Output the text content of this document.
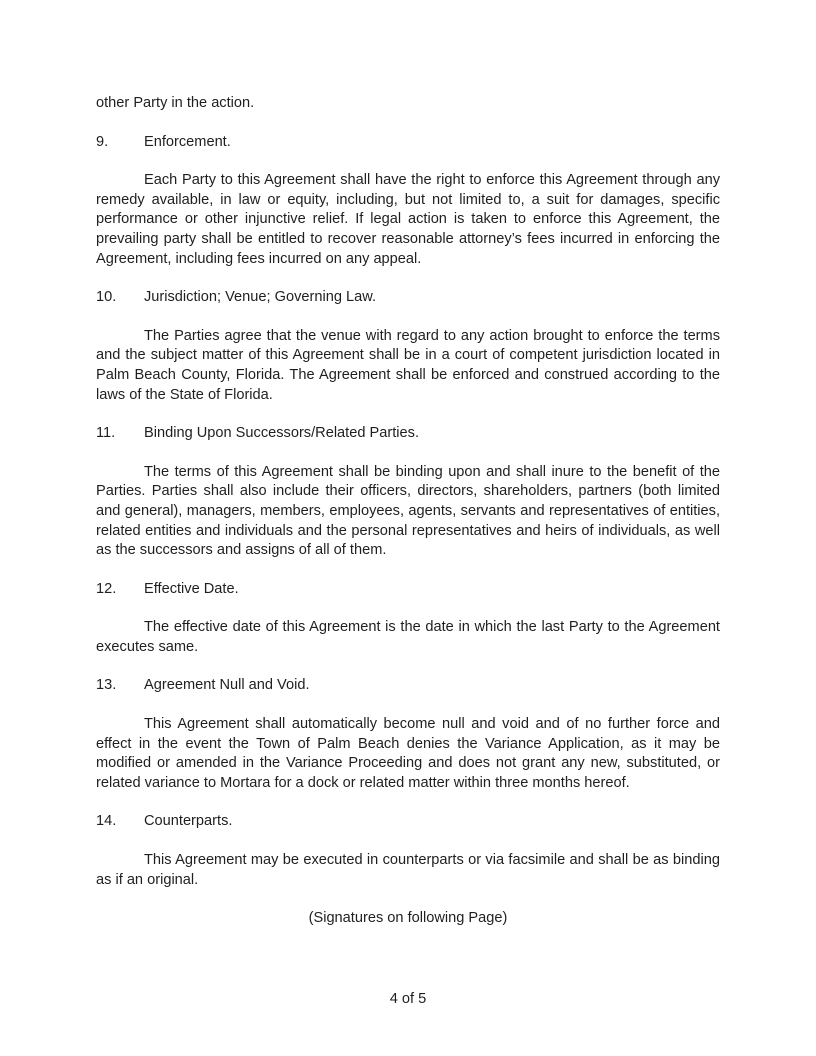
other Party in the action.

9. Enforcement.

Each Party to this Agreement shall have the right to enforce this Agreement through any remedy available, in law or equity, including, but not limited to, a suit for damages, specific performance or other injunctive relief. If legal action is taken to enforce this Agreement, the prevailing party shall be entitled to recover reasonable attorney’s fees incurred in enforcing the Agreement, including fees incurred on any appeal.

10. Jurisdiction; Venue; Governing Law.

The Parties agree that the venue with regard to any action brought to enforce the terms and the subject matter of this Agreement shall be in a court of competent jurisdiction located in Palm Beach County, Florida. The Agreement shall be enforced and construed according to the laws of the State of Florida.

11. Binding Upon Successors/Related Parties.

The terms of this Agreement shall be binding upon and shall inure to the benefit of the Parties. Parties shall also include their officers, directors, shareholders, partners (both limited and general), managers, members, employees, agents, servants and representatives of entities, related entities and individuals and the personal representatives and heirs of individuals, as well as the successors and assigns of all of them.

12. Effective Date.

The effective date of this Agreement is the date in which the last Party to the Agreement executes same.

13. Agreement Null and Void.

This Agreement shall automatically become null and void and of no further force and effect in the event the Town of Palm Beach denies the Variance Application, as it may be modified or amended in the Variance Proceeding and does not grant any new, substituted, or related variance to Mortara for a dock or related matter within three months hereof.

14. Counterparts.

This Agreement may be executed in counterparts or via facsimile and shall be as binding as if an original.

(Signatures on following Page)

4 of 5
